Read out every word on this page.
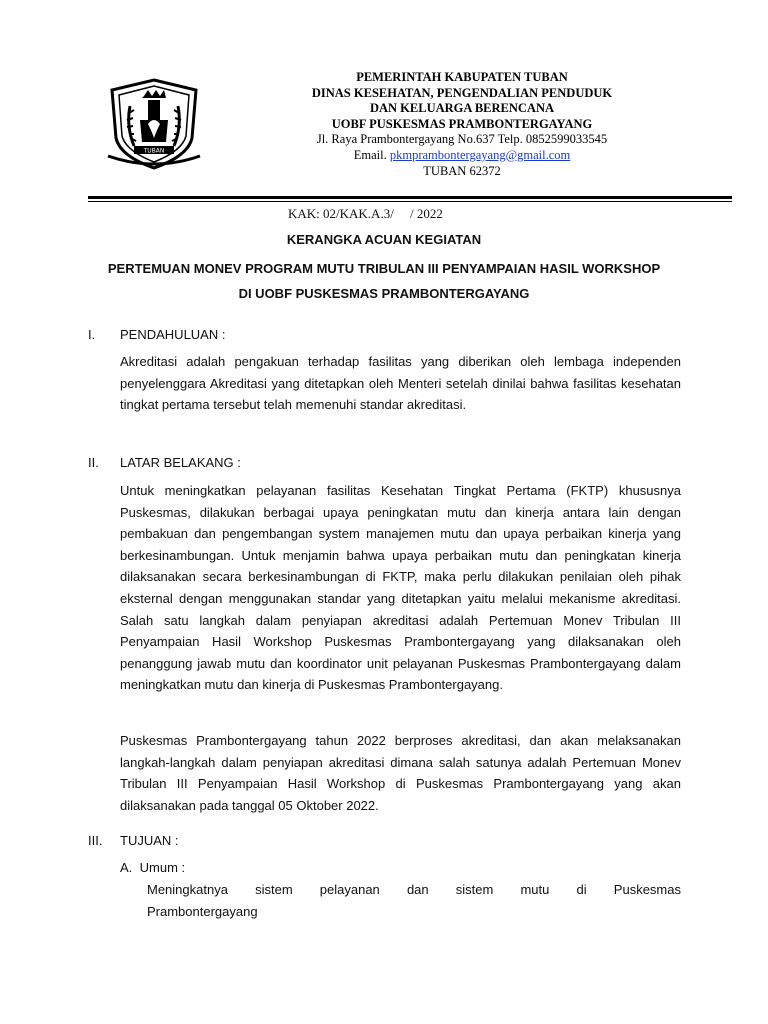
TUBAN
PEMERINTAH KABUPATEN TUBAN
DINAS KESEHATAN, PENGENDALIAN PENDUDUK
DAN KELUARGA BERENCANA
UOBF PUSKESMAS PRAMBONTERGAYANG
Jl. Raya Prambontergayang No.637 Telp. 0852599033545
Email. pkmprambontergayang@gmail.com
TUBAN 62372
KAK: 02/KAK.A.3/     / 2022
KERANGKA ACUAN KEGIATAN
PERTEMUAN MONEV PROGRAM MUTU TRIBULAN III PENYAMPAIAN HASIL WORKSHOP
DI UOBF PUSKESMAS PRAMBONTERGAYANG
I. PENDAHULUAN :
Akreditasi adalah pengakuan terhadap fasilitas yang diberikan oleh lembaga independen penyelenggara Akreditasi yang ditetapkan oleh Menteri setelah dinilai bahwa fasilitas kesehatan tingkat pertama tersebut telah memenuhi standar akreditasi.
II. LATAR BELAKANG :
Untuk meningkatkan pelayanan fasilitas Kesehatan Tingkat Pertama (FKTP) khususnya Puskesmas, dilakukan berbagai upaya peningkatan mutu dan kinerja antara lain dengan pembakuan dan pengembangan system manajemen mutu dan upaya perbaikan kinerja yang berkesinambungan. Untuk menjamin bahwa upaya perbaikan mutu dan peningkatan kinerja dilaksanakan secara berkesinambungan di FKTP, maka perlu dilakukan penilaian oleh pihak eksternal dengan menggunakan standar yang ditetapkan yaitu melalui mekanisme akreditasi. Salah satu langkah dalam penyiapan akreditasi adalah Pertemuan Monev Tribulan III Penyampaian Hasil Workshop Puskesmas Prambontergayang yang dilaksanakan oleh penanggung jawab mutu dan koordinator unit pelayanan Puskesmas Prambontergayang dalam meningkatkan mutu dan kinerja di Puskesmas Prambontergayang.
Puskesmas Prambontergayang tahun 2022 berproses akreditasi, dan akan melaksanakan langkah-langkah dalam penyiapan akreditasi dimana salah satunya adalah Pertemuan Monev Tribulan III Penyampaian Hasil Workshop di Puskesmas Prambontergayang yang akan dilaksanakan pada tanggal 05 Oktober 2022.
III. TUJUAN :
A. Umum :
Meningkatnya sistem pelayanan dan sistem mutu di Puskesmas
Prambontergayang
